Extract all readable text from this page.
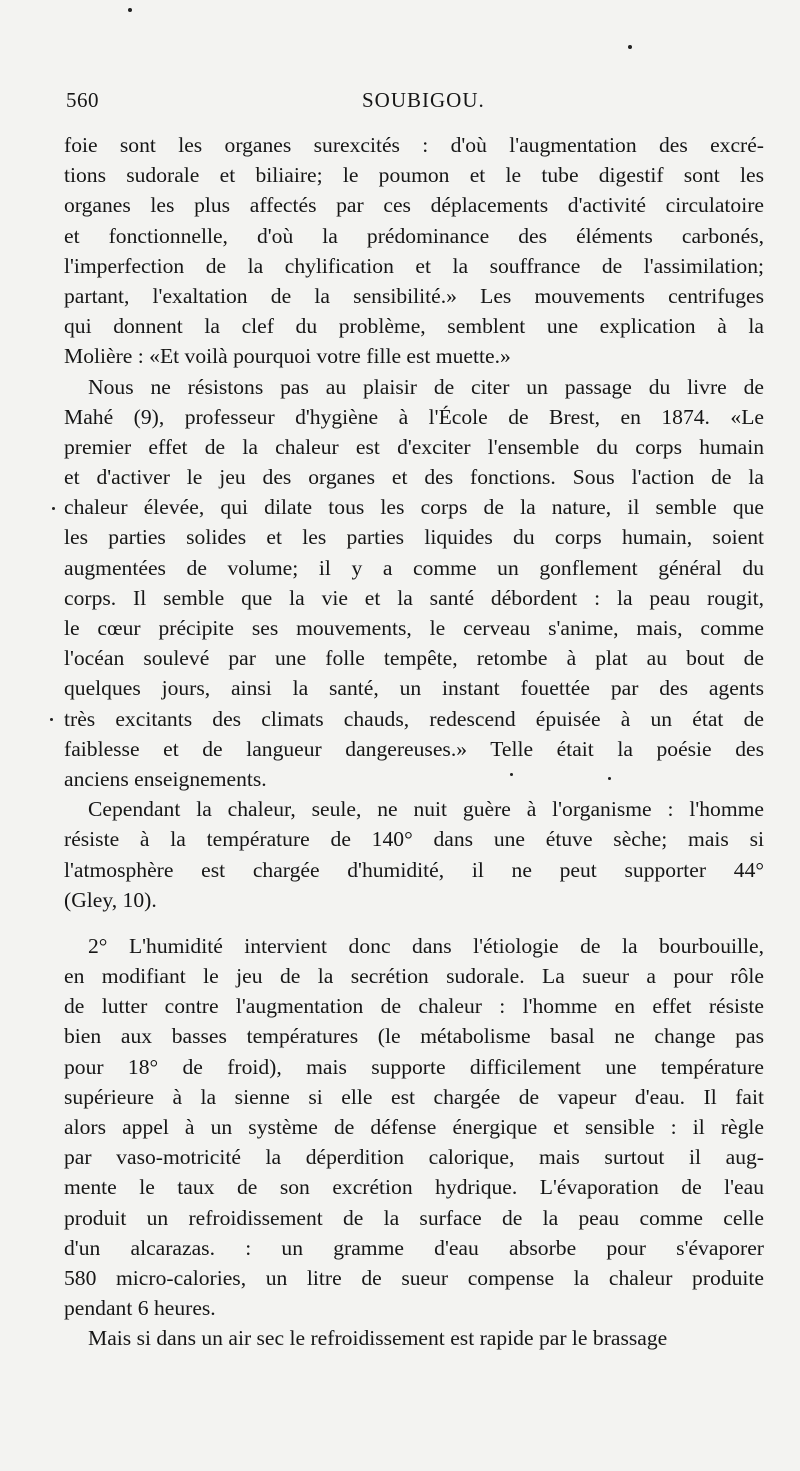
560	SOUBIGOU.
foie sont les organes surexcités : d'où l'augmentation des excré-
tions sudorale et biliaire; le poumon et le tube digestif sont les
organes les plus affectés par ces déplacements d'activité circulatoire
et fonctionnelle, d'où la prédominance des éléments carbonés,
l'imperfection de la chylification et la souffrance de l'assimilation;
partant, l'exaltation de la sensibilité.» Les mouvements centrifuges
qui donnent la clef du problème, semblent une explication à la
Molière : «Et voilà pourquoi votre fille est muette.»
Nous ne résistons pas au plaisir de citer un passage du livre de
Mahé (9), professeur d'hygiène à l'École de Brest, en 1874. «Le
premier effet de la chaleur est d'exciter l'ensemble du corps humain
et d'activer le jeu des organes et des fonctions. Sous l'action de la
chaleur élevée, qui dilate tous les corps de la nature, il semble que
les parties solides et les parties liquides du corps humain, soient
augmentées de volume; il y a comme un gonflement général du
corps. Il semble que la vie et la santé débordent : la peau rougit,
le cœur précipite ses mouvements, le cerveau s'anime, mais, comme
l'océan soulevé par une folle tempête, retombe à plat au bout de
quelques jours, ainsi la santé, un instant fouettée par des agents
très excitants des climats chauds, redescend épuisée à un état de
faiblesse et de langueur dangereuses.» Telle était la poésie des
anciens enseignements.
Cependant la chaleur, seule, ne nuit guère à l'organisme : l'homme
résiste à la température de 140° dans une étuve sèche; mais si
l'atmosphère est chargée d'humidité, il ne peut supporter 44°
(Gley, 10).
2° L'humidité intervient donc dans l'étiologie de la bourbouille,
en modifiant le jeu de la secrétion sudorale. La sueur a pour rôle
de lutter contre l'augmentation de chaleur : l'homme en effet résiste
bien aux basses températures (le métabolisme basal ne change pas
pour 18° de froid), mais supporte difficilement une température
supérieure à la sienne si elle est chargée de vapeur d'eau. Il fait
alors appel à un système de défense énergique et sensible : il règle
par vaso-motricité la déperdition calorique, mais surtout il aug-
mente le taux de son excrétion hydrique. L'évaporation de l'eau
produit un refroidissement de la surface de la peau comme celle
d'un alcarazas. : un gramme d'eau absorbe pour s'évaporer
580 micro-calories, un litre de sueur compense la chaleur produite
pendant 6 heures.
Mais si dans un air sec le refroidissement est rapide par le brassage
